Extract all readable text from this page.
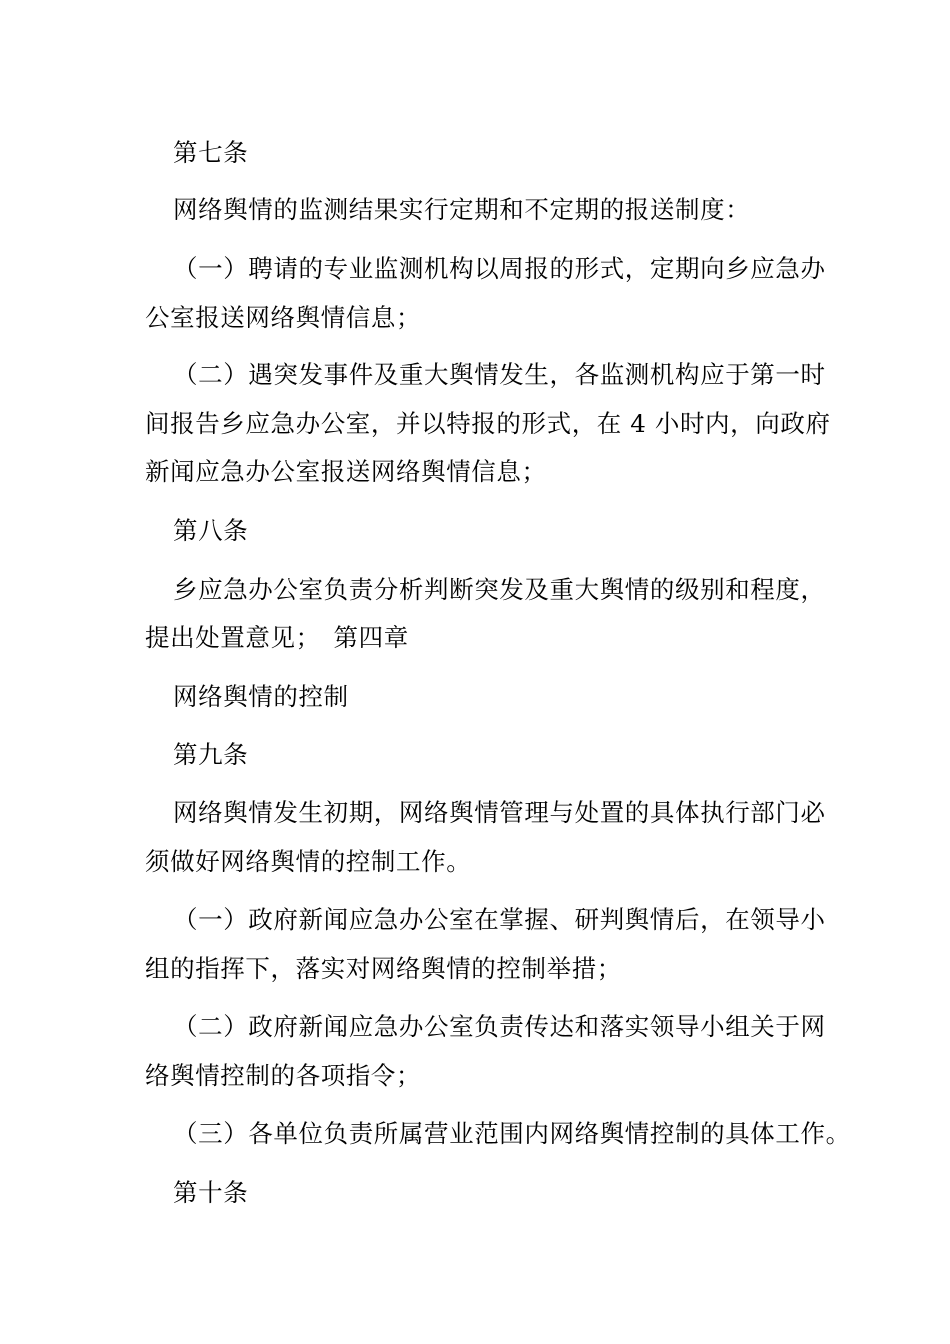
第七条
网络舆情的监测结果实行定期和不定期的报送制度：
（一）聘请的专业监测机构以周报的形式，定期向乡应急办
公室报送网络舆情信息；
（二）遇突发事件及重大舆情发生，各监测机构应于第一时
间报告乡应急办公室，并以特报的形式，在 4 小时内，向政府
新闻应急办公室报送网络舆情信息；
第八条
乡应急办公室负责分析判断突发及重大舆情的级别和程度，
提出处置意见；　第四章
网络舆情的控制
第九条
网络舆情发生初期，网络舆情管理与处置的具体执行部门必
须做好网络舆情的控制工作。
（一）政府新闻应急办公室在掌握、研判舆情后，在领导小
组的指挥下，落实对网络舆情的控制举措；
（二）政府新闻应急办公室负责传达和落实领导小组关于网
络舆情控制的各项指令；
（三）各单位负责所属营业范围内网络舆情控制的具体工作。
第十条
